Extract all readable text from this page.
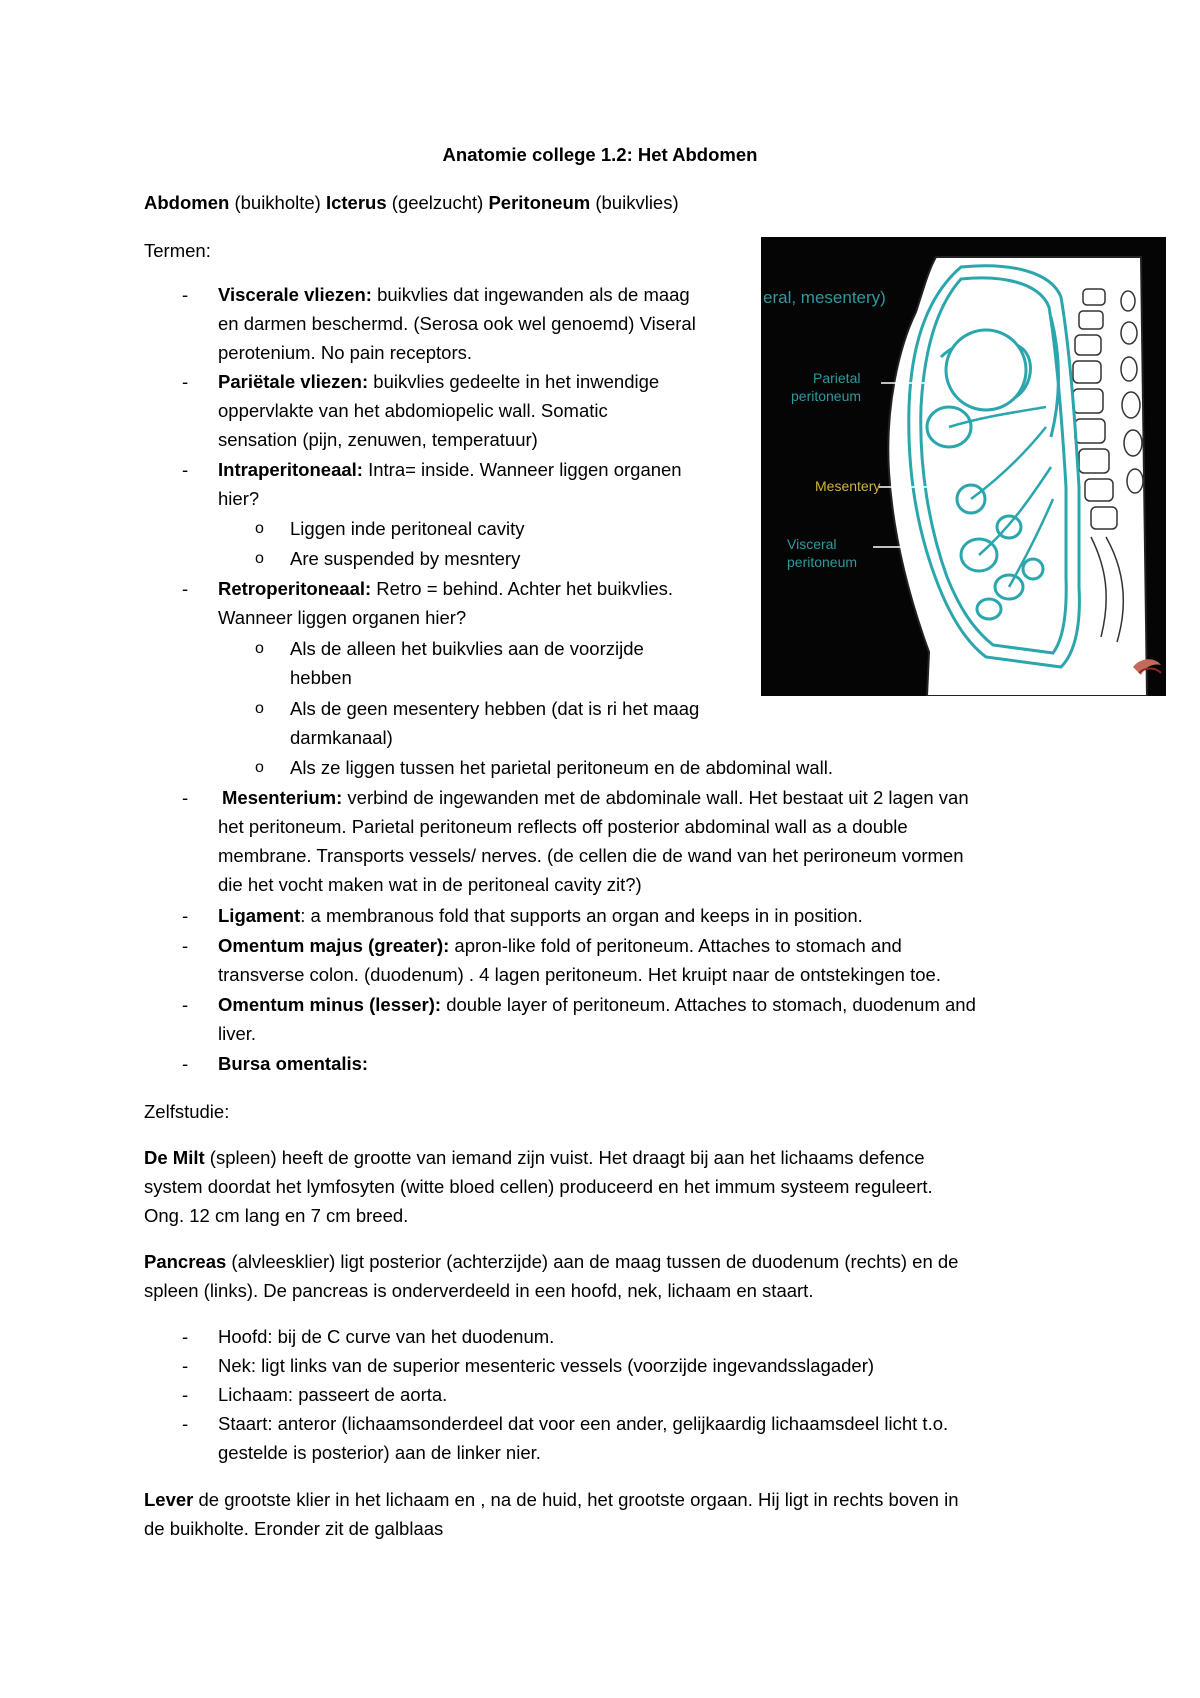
Anatomie college 1.2: Het Abdomen
Abdomen (buikholte) Icterus (geelzucht) Peritoneum (buikvlies)
Termen:
-	Viscerale vliezen: buikvlies dat ingewanden als de maag
en darmen beschermd. (Serosa ook wel genoemd) Viseral
perotenium. No pain receptors.
-	Pariëtale vliezen: buikvlies gedeelte in het inwendige
oppervlakte van het abdomiopelic wall. Somatic
sensation (pijn, zenuwen, temperatuur)
-	Intraperitoneaal: Intra= inside. Wanneer liggen organen
hier?
o Liggen inde peritoneal cavity
o Are suspended by mesntery
-	Retroperitoneaal: Retro = behind. Achter het buikvlies.
Wanneer liggen organen hier?
o Als de alleen het buikvlies aan de voorzijde
hebben
o Als de geen mesentery hebben (dat is ri het maag
darmkanaal)
o Als ze liggen tussen het parietal peritoneum en de abdominal wall.
-	Mesenterium: verbind de ingewanden met de abdominale wall. Het bestaat uit 2 lagen van
het peritoneum. Parietal peritoneum reflects off posterior abdominal wall as a double
membrane. Transports vessels/ nerves. (de cellen die de wand van het perironeum vormen
die het vocht maken wat in de peritoneal cavity zit?)
-	Ligament: a membranous fold that supports an organ and keeps in in position.
-	Omentum majus (greater): apron-like fold of peritoneum. Attaches to stomach and
transverse colon. (duodenum) . 4 lagen peritoneum. Het kruipt naar de ontstekingen toe.
-	Omentum minus (lesser): double layer of peritoneum. Attaches to stomach, duodenum and
liver.
-	Bursa omentalis:
Zelfstudie:
De Milt (spleen) heeft de grootte van iemand zijn vuist. Het draagt bij aan het lichaams defence
system doordat het lymfosyten (witte bloed cellen) produceerd en het immum systeem reguleert.
Ong. 12 cm lang en 7 cm breed.
Pancreas (alvleesklier) ligt posterior (achterzijde) aan de maag tussen de duodenum (rechts) en de
spleen (links). De pancreas is onderverdeeld in een hoofd, nek, lichaam en staart.
-	Hoofd: bij de C curve van het duodenum.
-	Nek: ligt links van de superior mesenteric vessels (voorzijde ingevandsslagader)
-	Lichaam: passeert de aorta.
-	Staart: anteror (lichaamsonderdeel dat voor een ander, gelijkaardig lichaamsdeel licht t.o.
gestelde is posterior) aan de linker nier.
Lever de grootste klier in het lichaam en , na de huid, het grootste orgaan. Hij ligt in rechts boven in
de buikholte. Eronder zit de galblaas
eral, mesentery)
Parietal
peritoneum
Mesentery
Visceral
peritoneum
